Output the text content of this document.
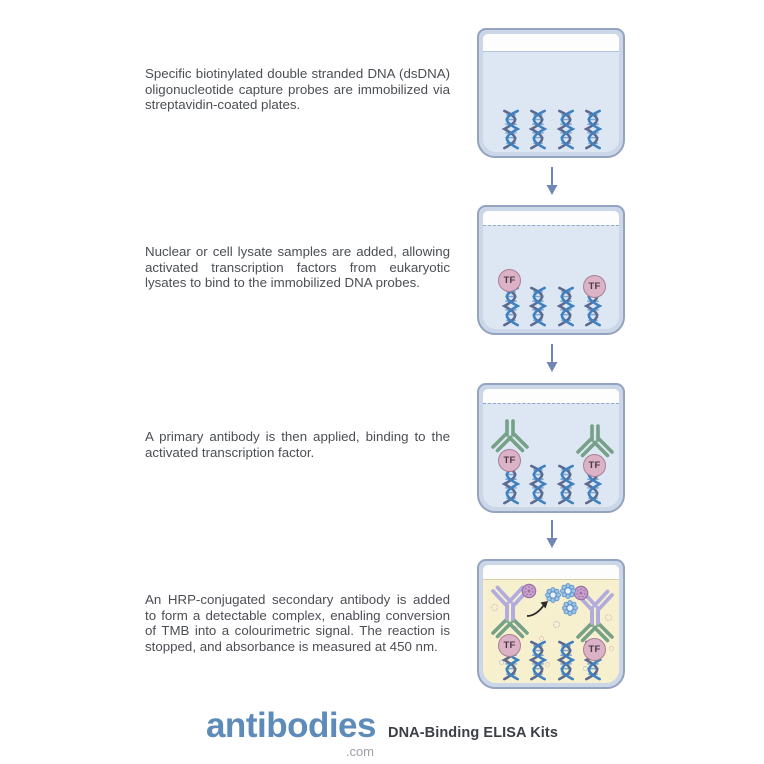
Specific biotinylated double stranded DNA (dsDNA) oligonucleotide capture probes are immobilized via streptavidin-coated plates.

Nuclear or cell lysate samples are added, allowing activated transcription factors from eukaryotic lysates to bind to the immobilized DNA probes.

A primary antibody is then applied, binding to the activated transcription factor.

An HRP-conjugated secondary antibody is added to form a detectable complex, enabling conversion of TMB into a colourimetric signal. The reaction is stopped, and absorbance is measured at 450 nm.

TF
TF
TF	TF
TF	TF
antibodies
.com
DNA-Binding ELISA Kits
